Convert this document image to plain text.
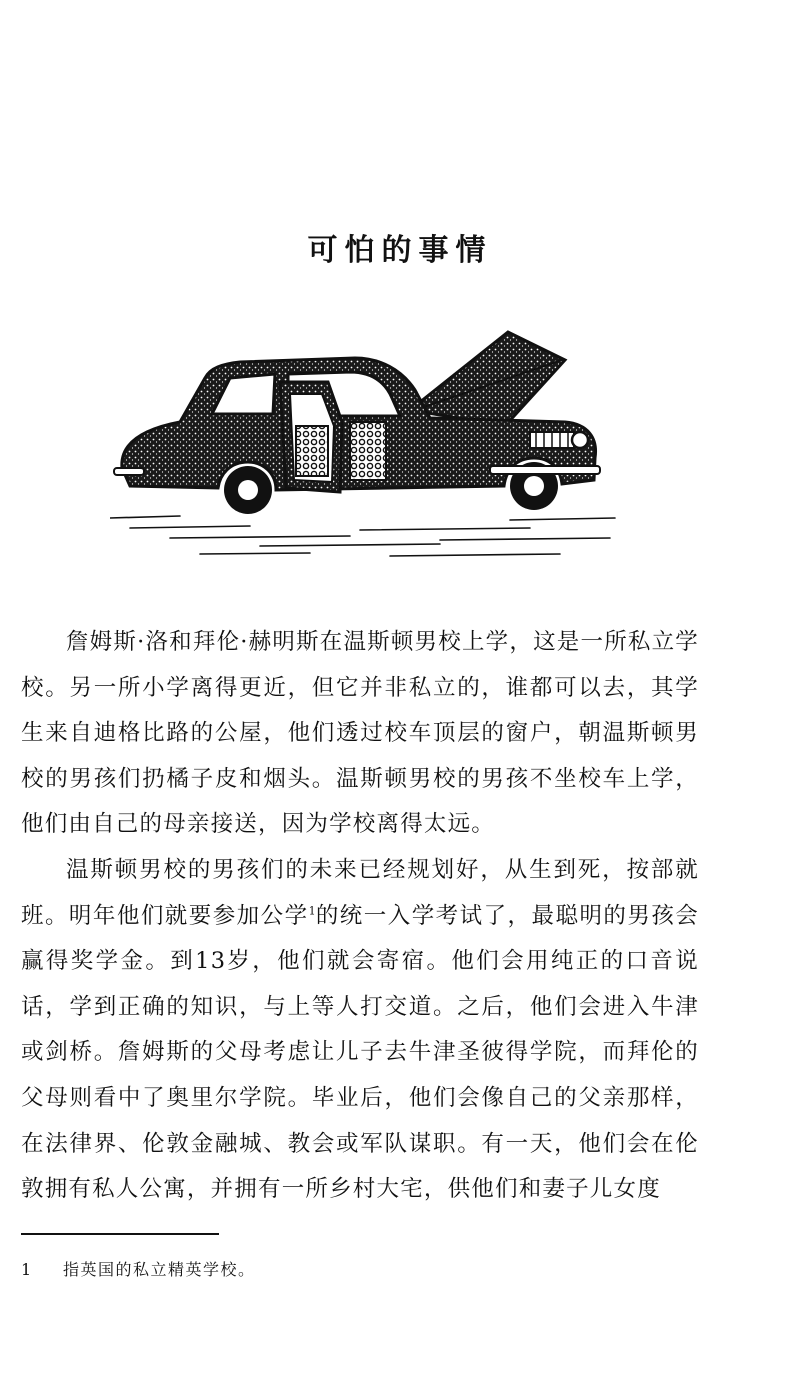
可怕的事情

詹姆斯·洛和拜伦·赫明斯在温斯顿男校上学，这是一所私立学校。另一所小学离得更近，但它并非私立的，谁都可以去，其学生来自迪格比路的公屋，他们透过校车顶层的窗户，朝温斯顿男校的男孩们扔橘子皮和烟头。温斯顿男校的男孩不坐校车上学，他们由自己的母亲接送，因为学校离得太远。

温斯顿男校的男孩们的未来已经规划好，从生到死，按部就班。明年他们就要参加公学$^1$的统一入学考试了，最聪明的男孩会赢得奖学金。到13岁，他们就会寄宿。他们会用纯正的口音说话，学到正确的知识，与上等人打交道。之后，他们会进入牛津或剑桥。詹姆斯的父母考虑让儿子去牛津圣彼得学院，而拜伦的父母则看中了奥里尔学院。毕业后，他们会像自己的父亲那样，在法律界、伦敦金融城、教会或军队谋职。有一天，他们会在伦敦拥有私人公寓，并拥有一所乡村大宅，供他们和妻子儿女度

1 指英国的私立精英学校。
